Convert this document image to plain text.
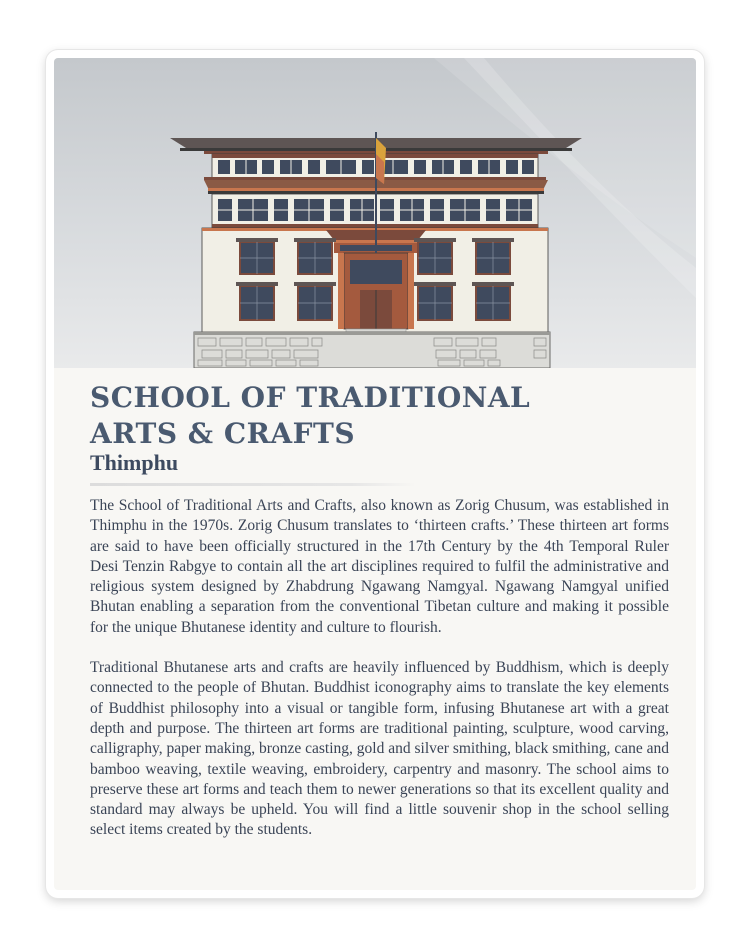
SCHOOL OF TRADITIONAL
ARTS & CRAFTS
Thimphu

The School of Traditional Arts and Crafts, also known as Zorig Chusum, was established in Thimphu in the 1970s. Zorig Chusum translates to ‘thirteen crafts.’ These thirteen art forms are said to have been officially structured in the 17th Century by the 4th Temporal Ruler Desi Tenzin Rabgye to contain all the art disciplines required to fulfil the administrative and religious system designed by Zhabdrung Ngawang Namgyal. Ngawang Namgyal unified Bhutan enabling a separation from the conventional Tibetan culture and making it possible for the unique Bhutanese identity and culture to flourish.

Traditional Bhutanese arts and crafts are heavily influenced by Buddhism, which is deeply connected to the people of Bhutan. Buddhist iconography aims to translate the key elements of Buddhist philosophy into a visual or tangible form, infusing Bhutanese art with a great depth and purpose. The thirteen art forms are traditional painting, sculpture, wood carving, calligraphy, paper making, bronze casting, gold and silver smithing, black smithing, cane and bamboo weaving, textile weaving, embroidery, carpentry and masonry. The school aims to preserve these art forms and teach them to newer generations so that its excellent quality and standard may always be upheld. You will find a little souvenir shop in the school selling select items created by the students.
